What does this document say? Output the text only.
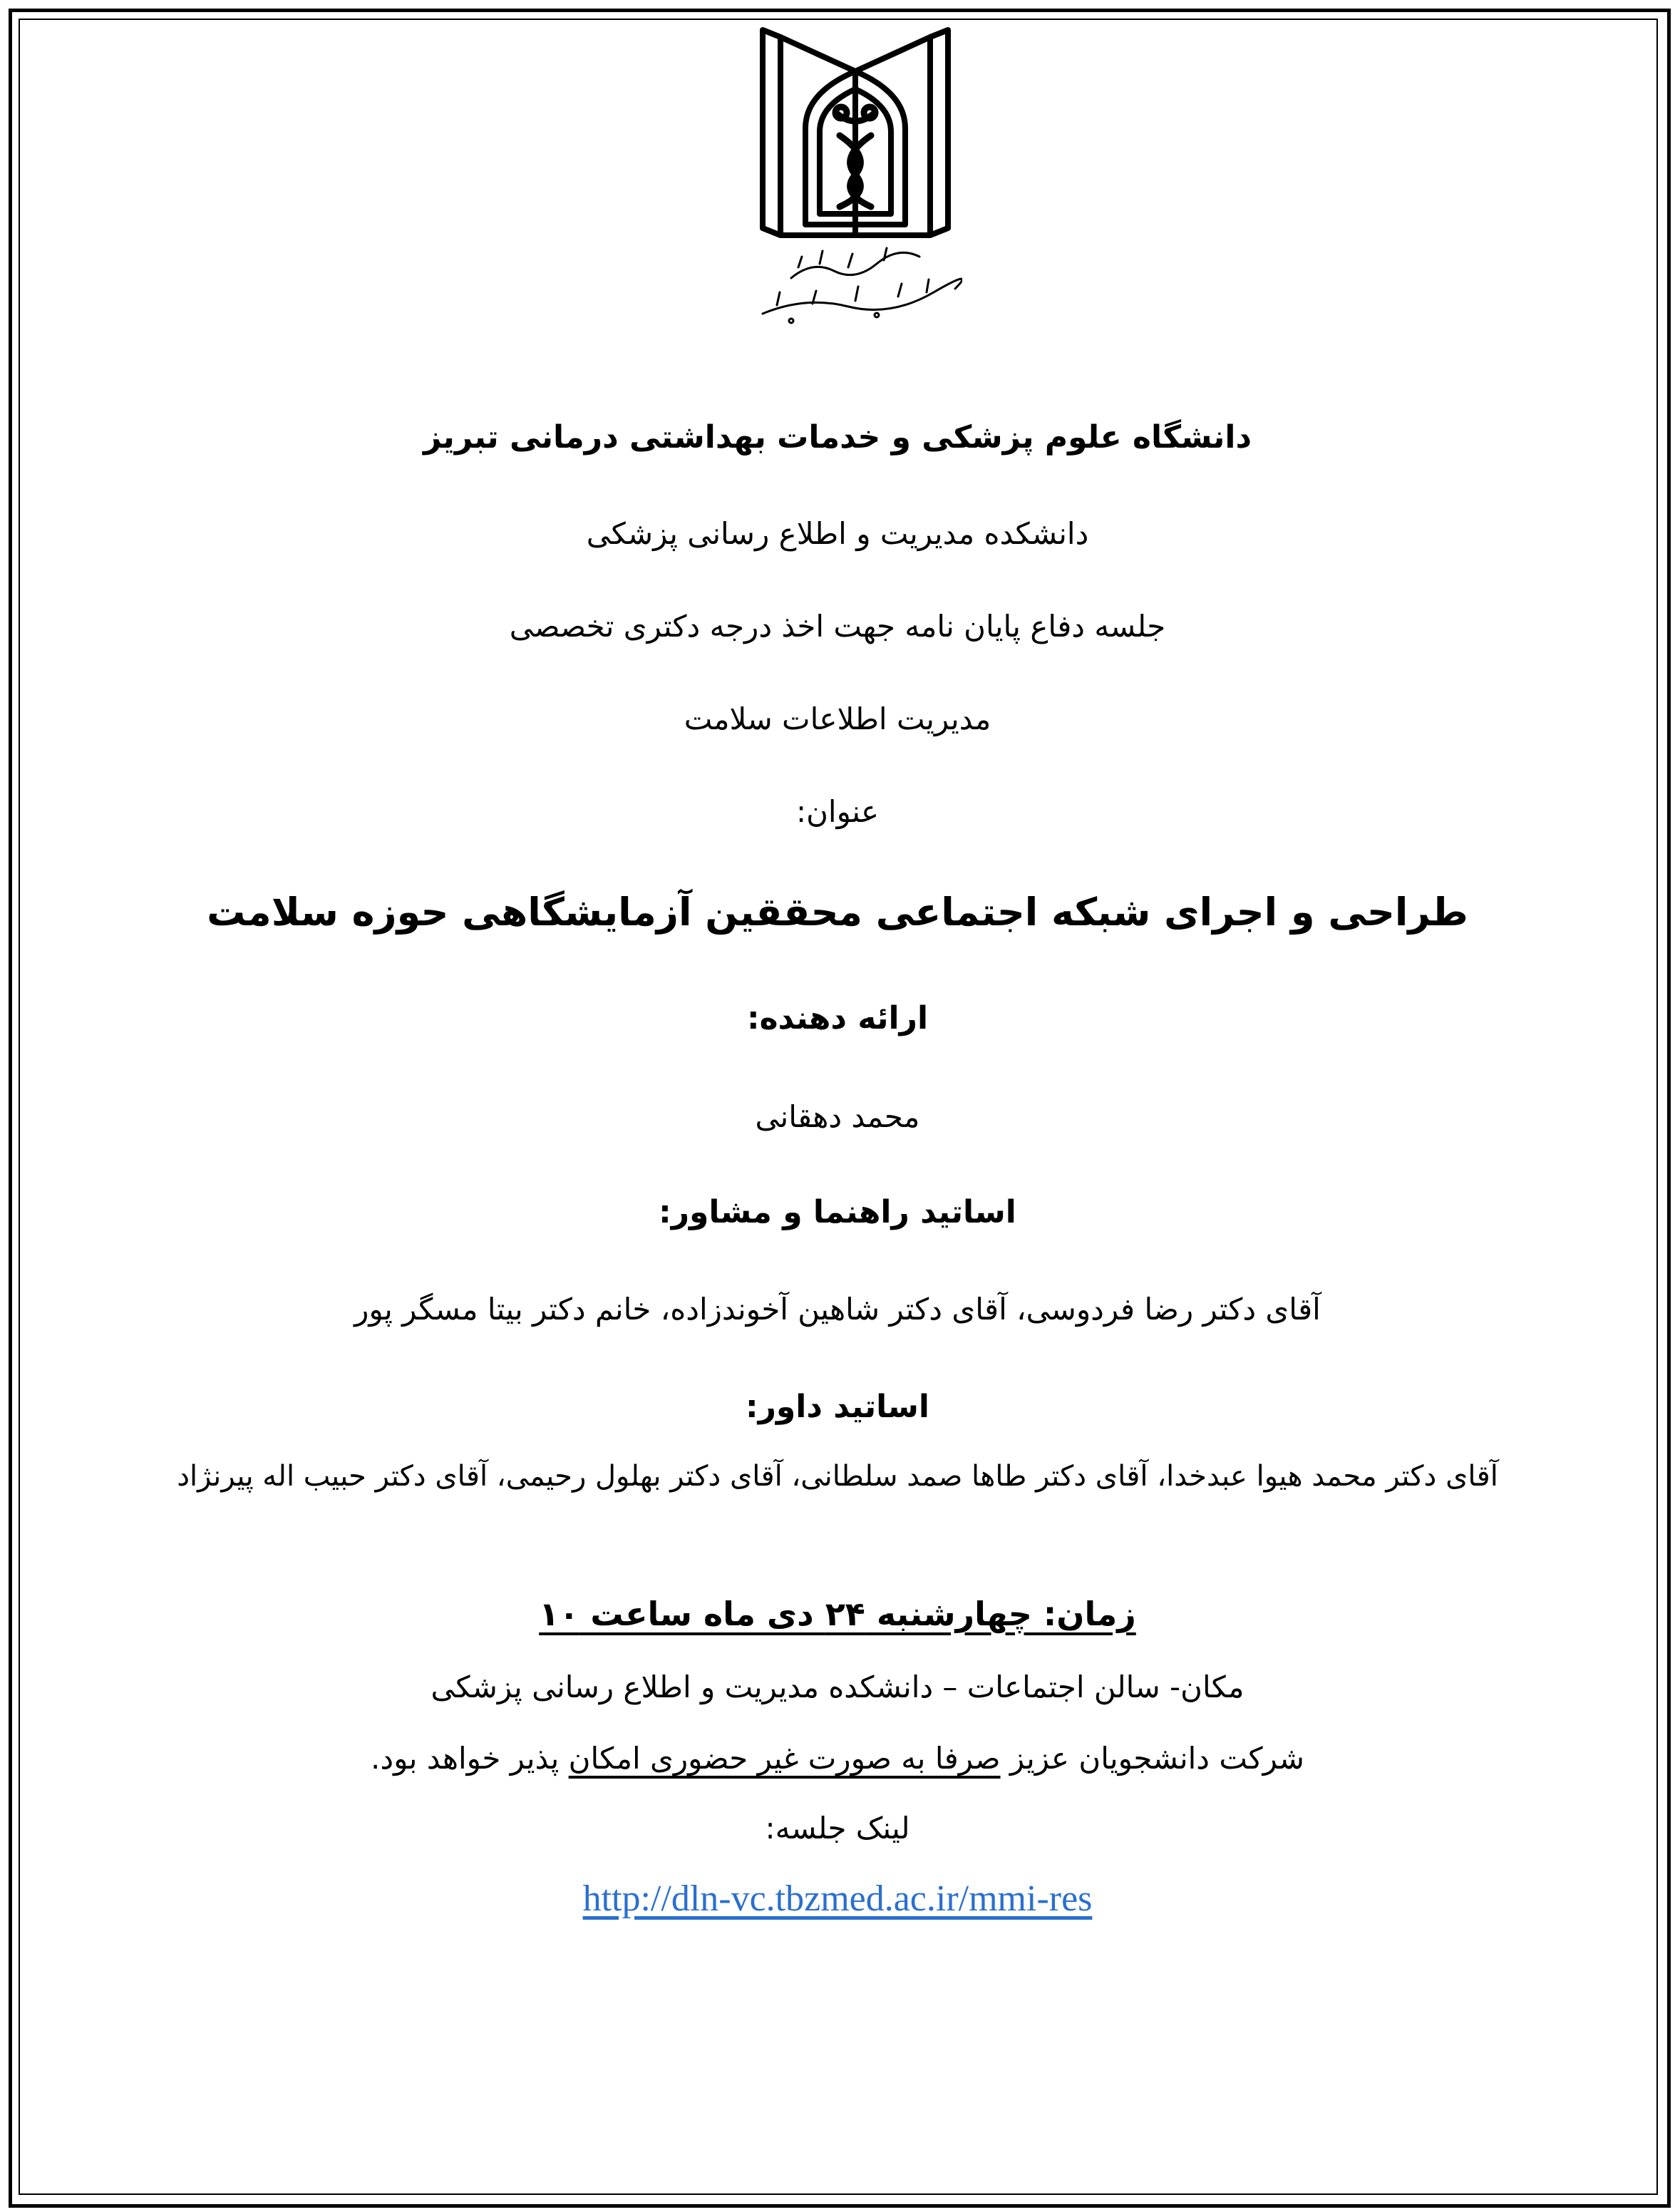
دانشگاه علوم پزشکی و خدمات بهداشتی درمانی تبریز
دانشکده مدیریت و اطلاع رسانی پزشکی
جلسه دفاع پایان نامه جهت اخذ درجه دکتری تخصصی
مدیریت اطلاعات سلامت
عنوان:
طراحی و اجرای شبکه اجتماعی محققین آزمایشگاهی حوزه سلامت
ارائه دهنده:
محمد دهقانی
اساتید راهنما و مشاور:
آقای دکتر رضا فردوسی، آقای دکتر شاهین آخوندزاده، خانم دکتر بیتا مسگر پور
اساتید داور:
آقای دکتر محمد هیوا عبدخدا، آقای دکتر طاها صمد سلطانی، آقای دکتر بهلول رحیمی، آقای دکتر حبیب اله پیرنژاد
زمان: چهارشنبه ۲۴ دی ماه ساعت ۱۰
مکان- سالن اجتماعات – دانشکده مدیریت و اطلاع رسانی پزشکی
شرکت دانشجویان عزیز صرفا به صورت غیر حضوری امکان پذیر خواهد بود.
لینک جلسه:
http://dln-vc.tbzmed.ac.ir/mmi-res
